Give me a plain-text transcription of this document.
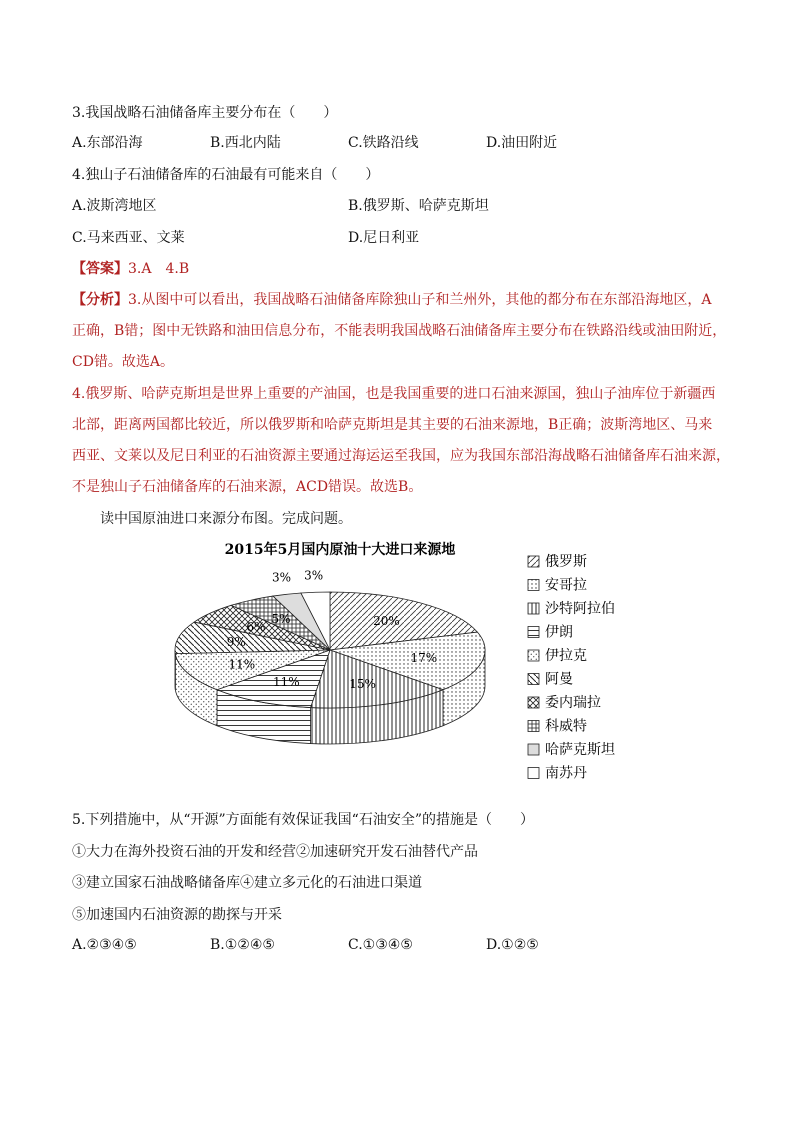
3.我国战略石油储备库主要分布在（　　）
A.东部沿海	B.西北内陆	C.铁路沿线	D.油田附近
4.独山子石油储备库的石油最有可能来自（　　）
A.波斯湾地区	B.俄罗斯、哈萨克斯坦
C.马来西亚、文莱	D.尼日利亚
【答案】3.A　4.B
【分析】3.从图中可以看出，我国战略石油储备库除独山子和兰州外，其他的都分布在东部沿海地区，A
正确，B错；图中无铁路和油田信息分布，不能表明我国战略石油储备库主要分布在铁路沿线或油田附近，
CD错。故选A。
4.俄罗斯、哈萨克斯坦是世界上重要的产油国，也是我国重要的进口石油来源国，独山子油库位于新疆西
北部，距离两国都比较近，所以俄罗斯和哈萨克斯坦是其主要的石油来源地，B正确；波斯湾地区、马来
西亚、文莱以及尼日利亚的石油资源主要通过海运运至我国，应为我国东部沿海战略石油储备库石油来源，
不是独山子石油储备库的石油来源，ACD错误。故选B。
读中国原油进口来源分布图。完成问题。
2015年5月国内原油十大进口来源地
20%
17%
15%
11%
11%
9%
6%
5%
3% 3%
俄罗斯
安哥拉
沙特阿拉伯
伊朗
伊拉克
阿曼
委内瑞拉
科威特
哈萨克斯坦
南苏丹
5.下列措施中，从“开源”方面能有效保证我国“石油安全”的措施是（　　）
①大力在海外投资石油的开发和经营②加速研究开发石油替代产品
③建立国家石油战略储备库④建立多元化的石油进口渠道
⑤加速国内石油资源的勘探与开采
A.②③④⑤	B.①②④⑤	C.①③④⑤	D.①②⑤
